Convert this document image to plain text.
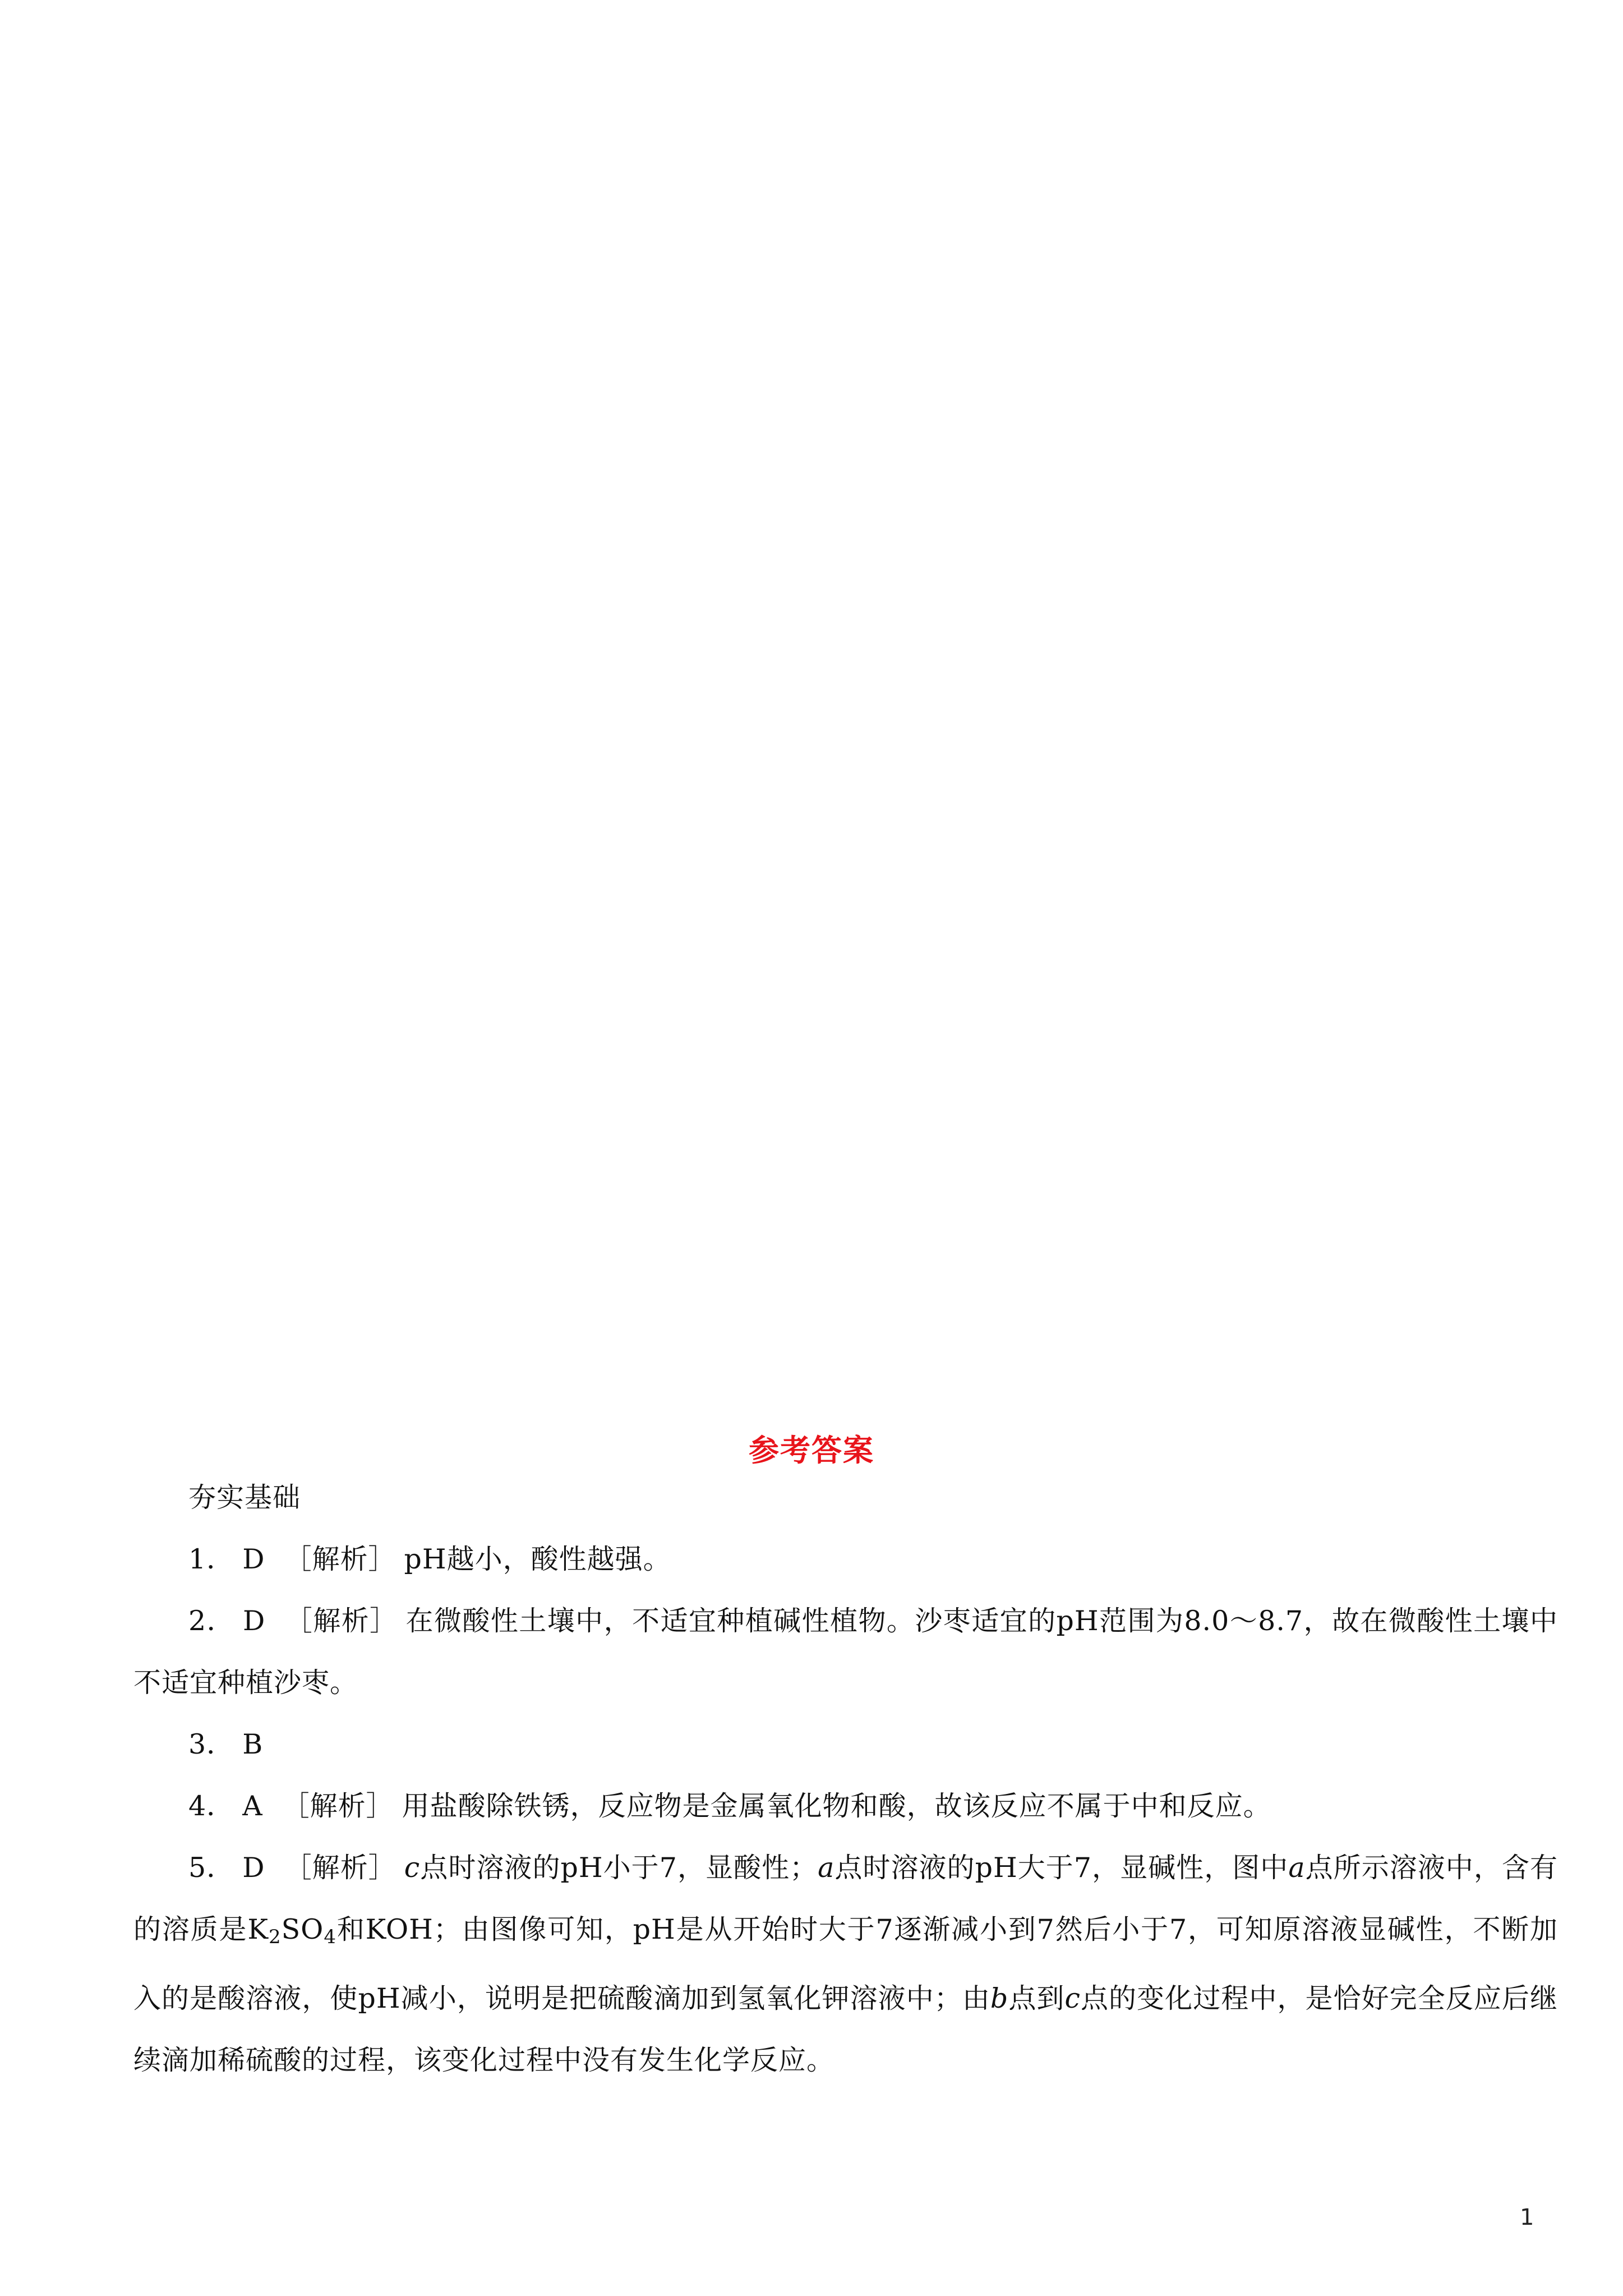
参考答案

夯实基础

1． D ［解析］ pH越小，酸性越强。

2． D ［解析］ 在微酸性土壤中，不适宜种植碱性植物。沙枣适宜的pH范围为8.0～8.7，故在微酸性土壤中不适宜种植沙枣。

3． B

4． A ［解析］ 用盐酸除铁锈，反应物是金属氧化物和酸，故该反应不属于中和反应。

5． D ［解析］ c点时溶液的pH小于7，显酸性；a点时溶液的pH大于7，显碱性，图中a点所示溶液中，含有的溶质是$K_2SO_4$和KOH；由图像可知，pH是从开始时大于7逐渐减小到7然后小于7，可知原溶液显碱性，不断加入的是酸溶液，使pH减小，说明是把硫酸滴加到氢氧化钾溶液中；由b点到c点的变化过程中，是恰好完全反应后继续滴加稀硫酸的过程，该变化过程中没有发生化学反应。

1
